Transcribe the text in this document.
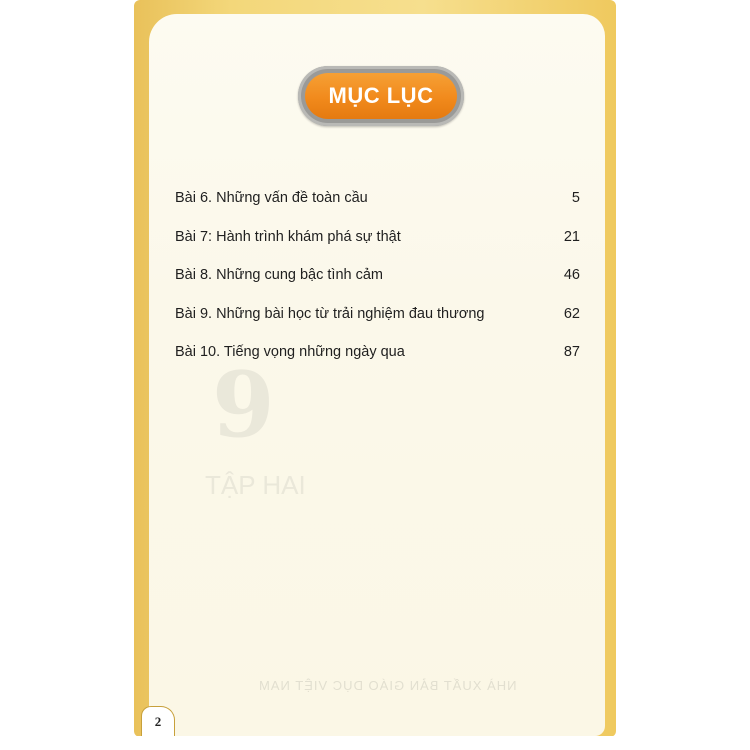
9
TẬP HAI
NHÀ XUẤT BẢN GIÁO DỤC VIỆT NAM
MỤC LỤC
Bài 6. Những vấn đề toàn cầu	5
Bài 7: Hành trình khám phá sự thật	21
Bài 8. Những cung bậc tình cảm	46
Bài 9. Những bài học từ trải nghiệm đau thương	62
Bài 10. Tiếng vọng những ngày qua	87
2
